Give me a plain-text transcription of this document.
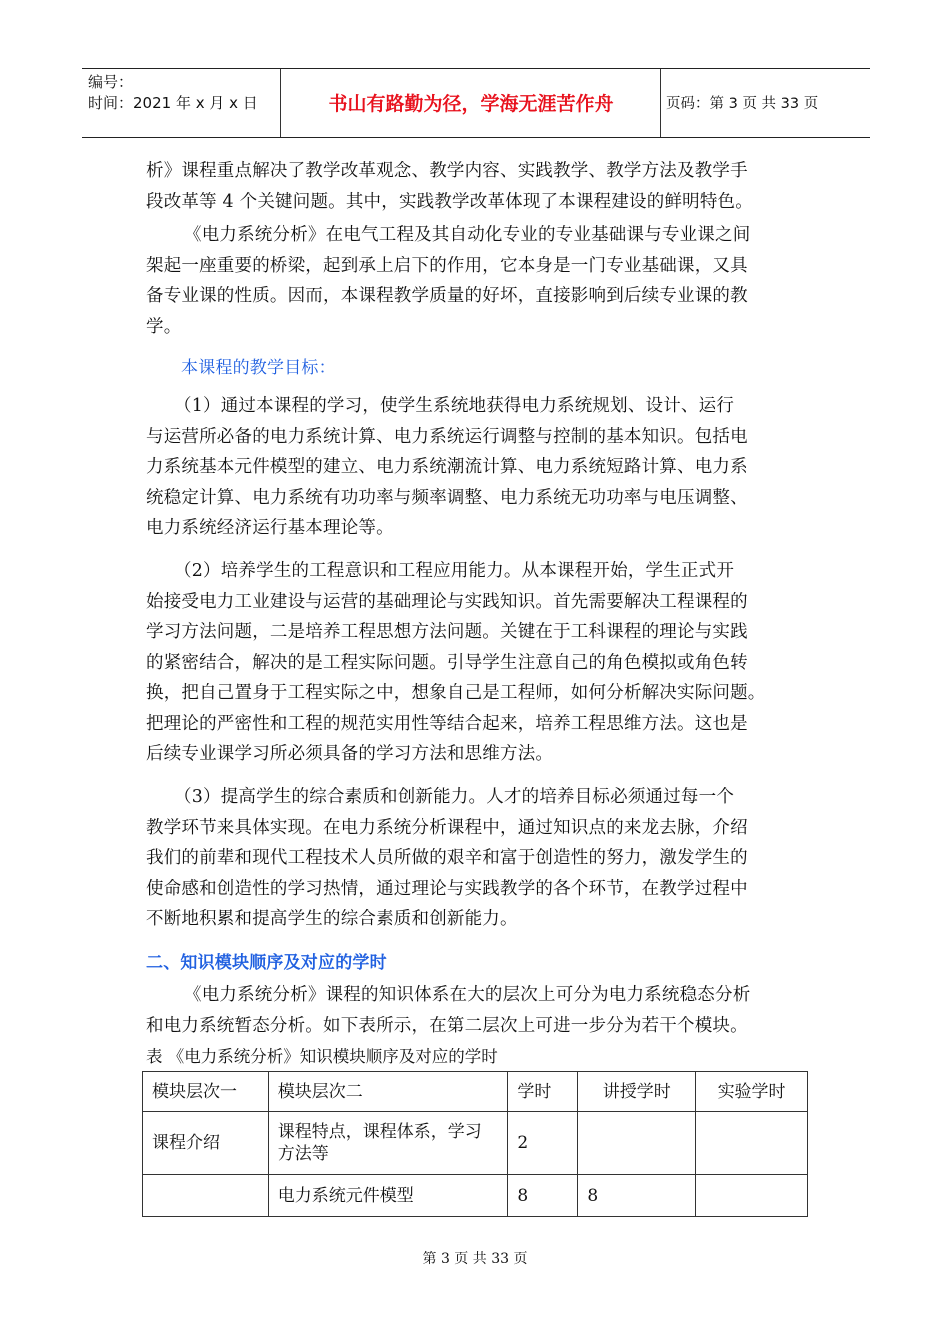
编号：
时间：2021 年 x 月 x 日	书山有路勤为径，学海无涯苦作舟	页码：第 3 页 共 33 页
析》课程重点解决了教学改革观念、教学内容、实践教学、教学方法及教学手
段改革等 4 个关键问题。其中，实践教学改革体现了本课程建设的鲜明特色。
《电力系统分析》在电气工程及其自动化专业的专业基础课与专业课之间
架起一座重要的桥梁，起到承上启下的作用，它本身是一门专业基础课，又具
备专业课的性质。因而，本课程教学质量的好坏，直接影响到后续专业课的教
学。
本课程的教学目标：
（1）通过本课程的学习，使学生系统地获得电力系统规划、设计、运行
与运营所必备的电力系统计算、电力系统运行调整与控制的基本知识。包括电
力系统基本元件模型的建立、电力系统潮流计算、电力系统短路计算、电力系
统稳定计算、电力系统有功功率与频率调整、电力系统无功功率与电压调整、
电力系统经济运行基本理论等。
（2）培养学生的工程意识和工程应用能力。从本课程开始，学生正式开
始接受电力工业建设与运营的基础理论与实践知识。首先需要解决工程课程的
学习方法问题，二是培养工程思想方法问题。关键在于工科课程的理论与实践
的紧密结合，解决的是工程实际问题。引导学生注意自己的角色模拟或角色转
换，把自己置身于工程实际之中，想象自己是工程师，如何分析解决实际问题。
把理论的严密性和工程的规范实用性等结合起来，培养工程思维方法。这也是
后续专业课学习所必须具备的学习方法和思维方法。
（3）提高学生的综合素质和创新能力。人才的培养目标必须通过每一个
教学环节来具体实现。在电力系统分析课程中，通过知识点的来龙去脉，介绍
我们的前辈和现代工程技术人员所做的艰辛和富于创造性的努力，激发学生的
使命感和创造性的学习热情，通过理论与实践教学的各个环节，在教学过程中
不断地积累和提高学生的综合素质和创新能力。
二、知识模块顺序及对应的学时
《电力系统分析》课程的知识体系在大的层次上可分为电力系统稳态分析
和电力系统暂态分析。如下表所示，在第二层次上可进一步分为若干个模块。
表 《电力系统分析》知识模块顺序及对应的学时
模块层次一	模块层次二	学时	讲授学时	实验学时
课程介绍	课程特点，课程体系，学习方法等	2		
	电力系统元件模型	8	8	
第 3 页 共 33 页
